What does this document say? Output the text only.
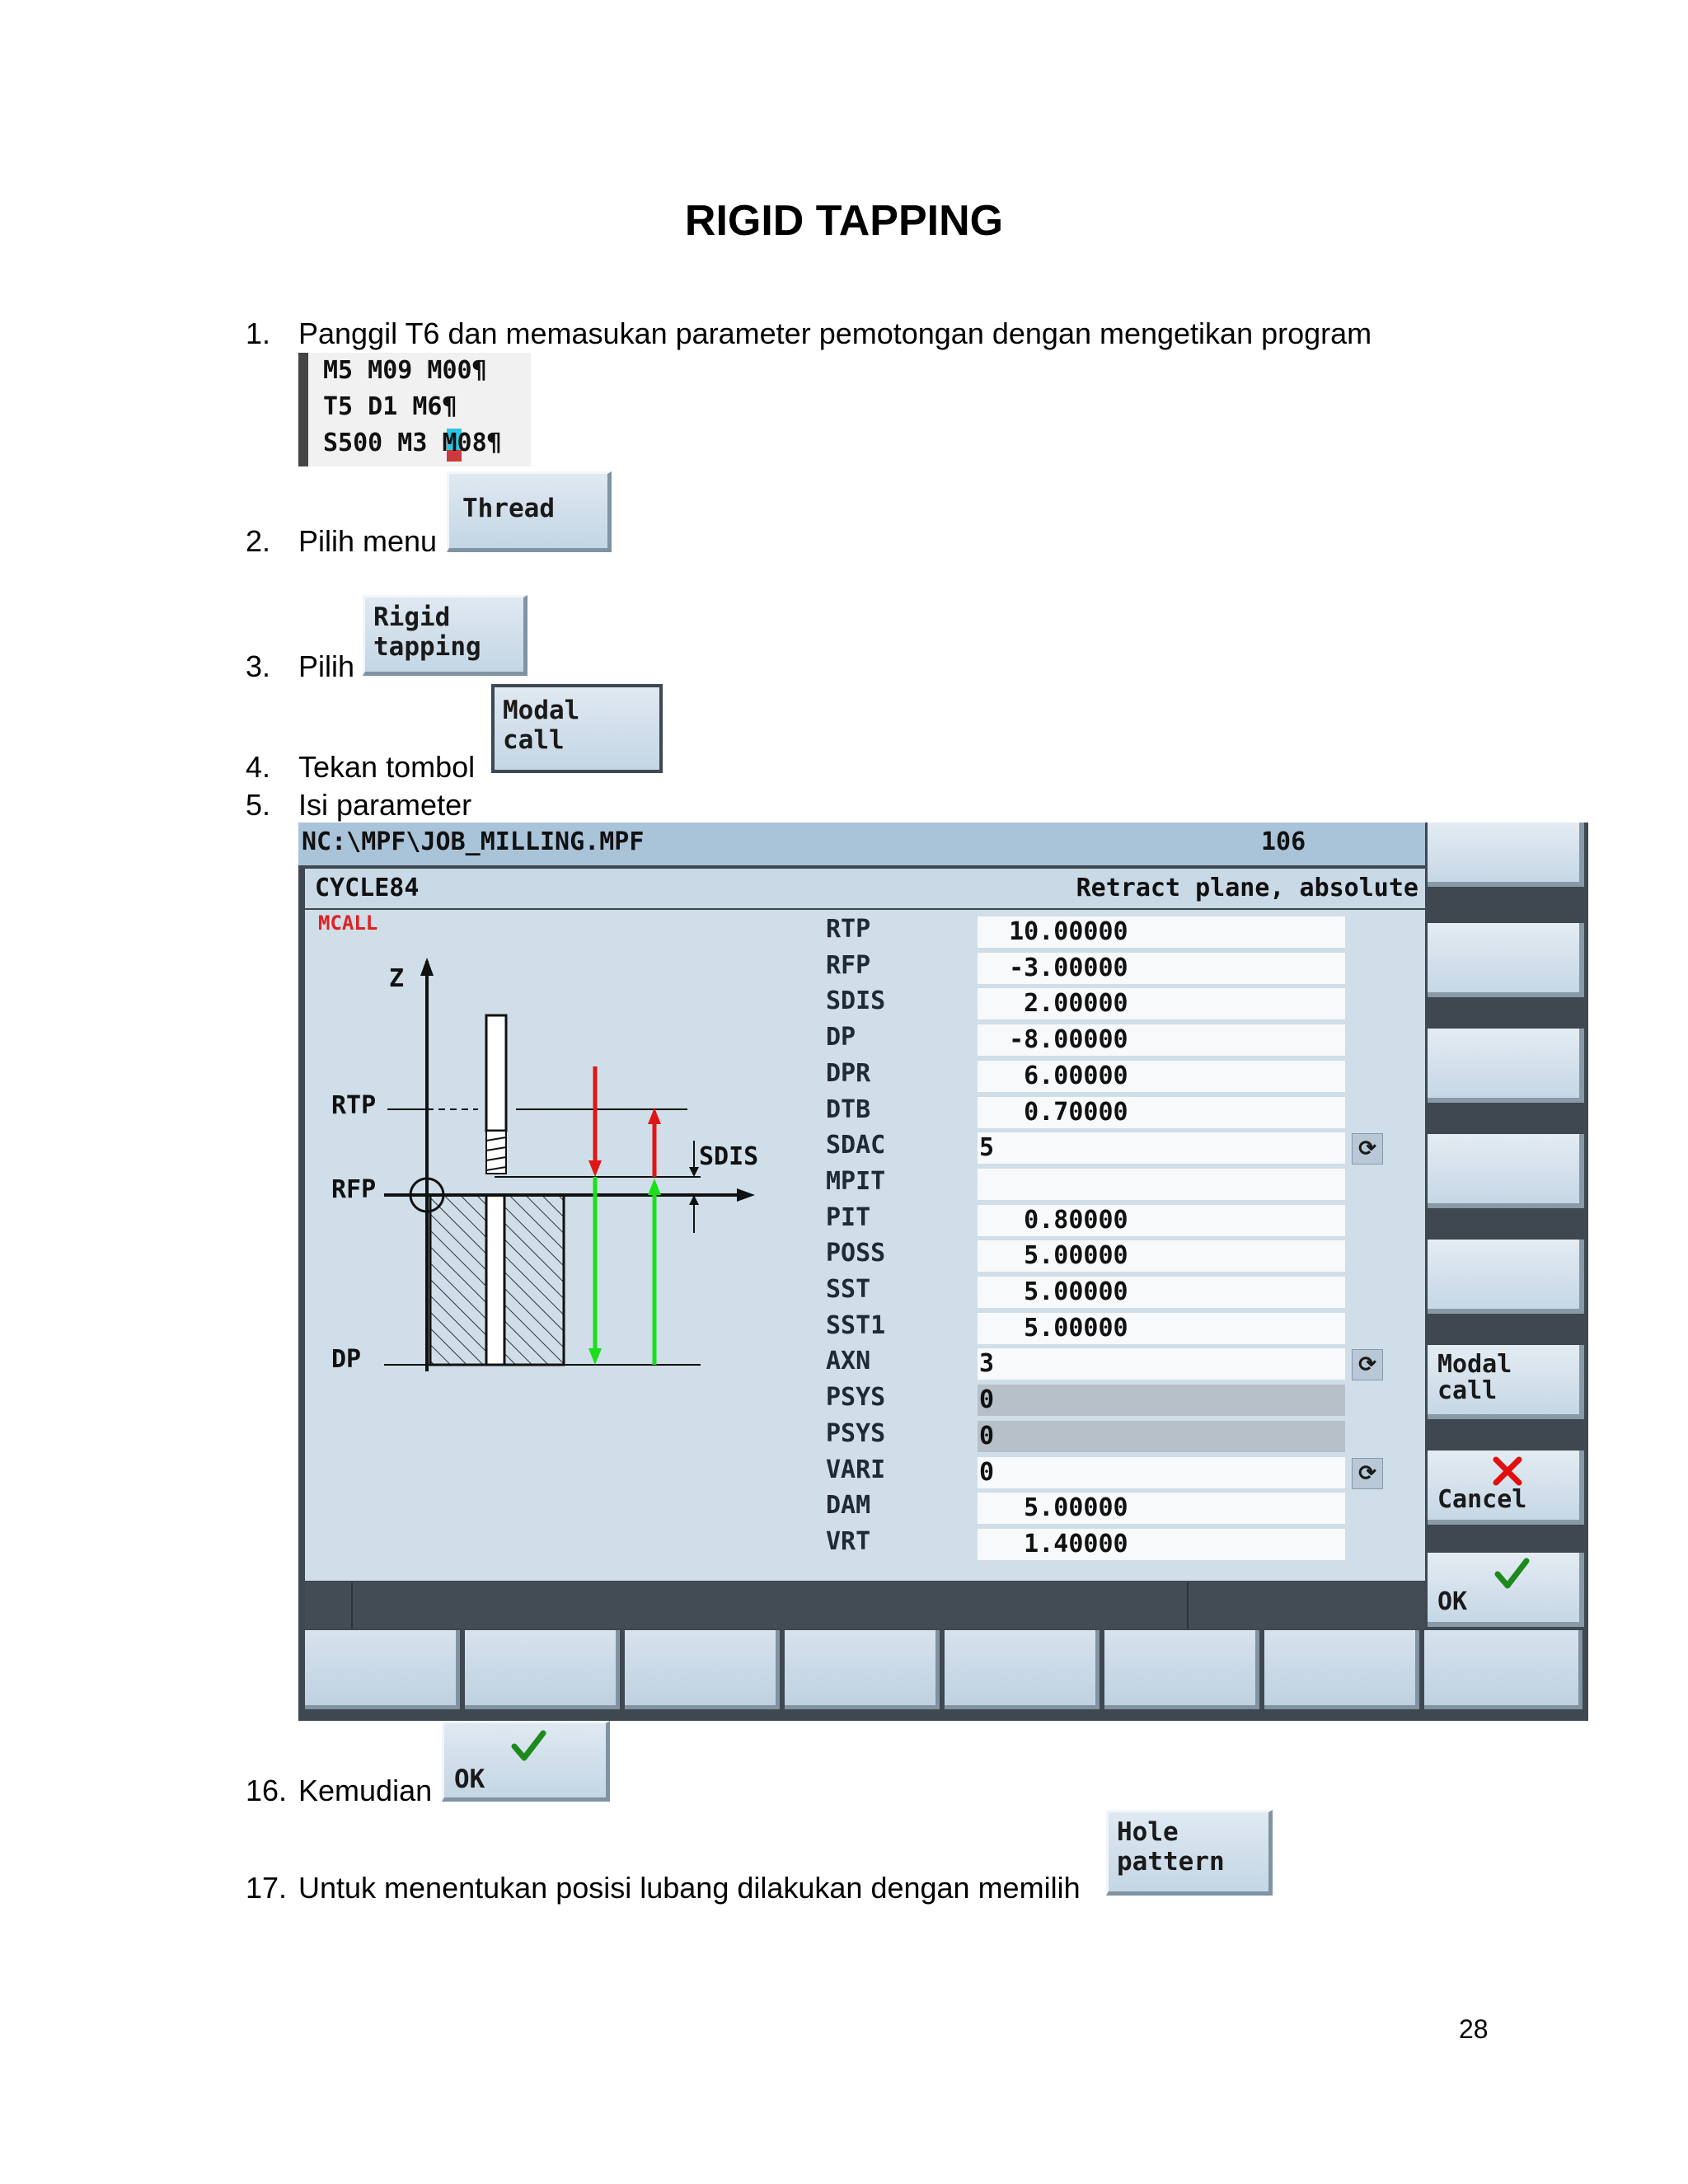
RIGID TAPPING
1. Panggil T6 dan memasukan parameter pemotongan dengan mengetikan program
M5 M09 M00¶
T5 D1 M6¶
S500 M3 M08¶
2. Pilih menu
Thread
3. Pilih
Rigid
tapping
4. Tekan tombol
Modal
call
5. Isi parameter
NC:\MPF\JOB_MILLING.MPF	106
CYCLE84	Retract plane, absolute
MCALL
Z
RTP
RFP
DP
SDIS
RTP	10.00000
RFP	-3.00000
SDIS	2.00000
DP	-8.00000
DPR	6.00000
DTB	0.70000
SDAC	5	⟳
MPIT
PIT	0.80000
POSS	5.00000
SST	5.00000
SST1	5.00000
AXN	3	⟳
PSYS	0
PSYS	0
VARI	0	⟳
DAM	5.00000
VRT	1.40000
Modal
call
Cancel
OK
16. Kemudian

OK

17. Untuk menentukan posisi lubang dilakukan dengan memilih
Hole
pattern
28
